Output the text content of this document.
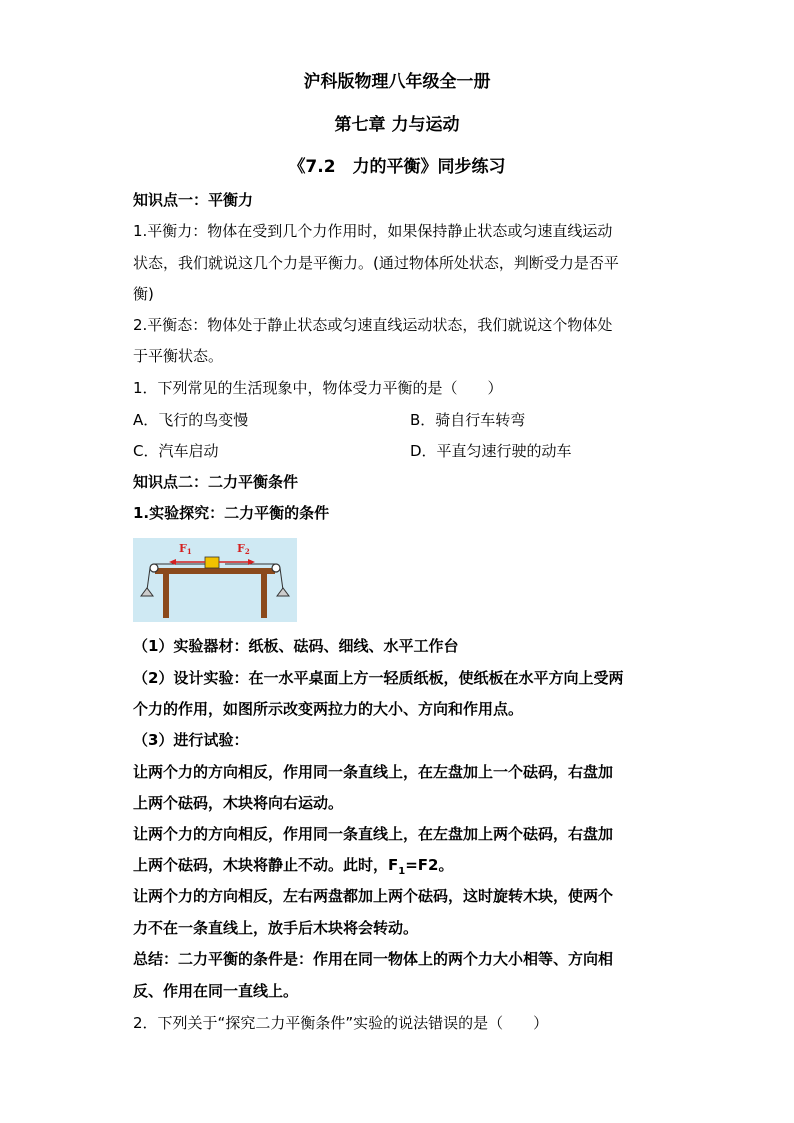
沪科版物理八年级全一册
第七章 力与运动
《7.2　力的平衡》同步练习
知识点一：平衡力
1.平衡力：物体在受到几个力作用时，如果保持静止状态或匀速直线运动
状态，我们就说这几个力是平衡力。(通过物体所处状态，判断受力是否平
衡)
2.平衡态：物体处于静止状态或匀速直线运动状态，我们就说这个物体处
于平衡状态。
1．下列常见的生活现象中，物体受力平衡的是（　　）
A．飞行的鸟变慢	B．骑自行车转弯
C．汽车启动	D．平直匀速行驶的动车
知识点二：二力平衡条件
1.实验探究：二力平衡的条件
F1	F2
（1）实验器材：纸板、砝码、细线、水平工作台
（2）设计实验：在一水平桌面上方一轻质纸板，使纸板在水平方向上受两
个力的作用，如图所示改变两拉力的大小、方向和作用点。
（3）进行试验：
让两个力的方向相反，作用同一条直线上，在左盘加上一个砝码，右盘加
上两个砝码，木块将向右运动。
让两个力的方向相反，作用同一条直线上，在左盘加上两个砝码，右盘加
上两个砝码，木块将静止不动。此时，$F_1=F2$。
让两个力的方向相反，左右两盘都加上两个砝码，这时旋转木块，使两个
力不在一条直线上，放手后木块将会转动。
总结：二力平衡的条件是：作用在同一物体上的两个力大小相等、方向相
反、作用在同一直线上。
2．下列关于“探究二力平衡条件”实验的说法错误的是（　　）
